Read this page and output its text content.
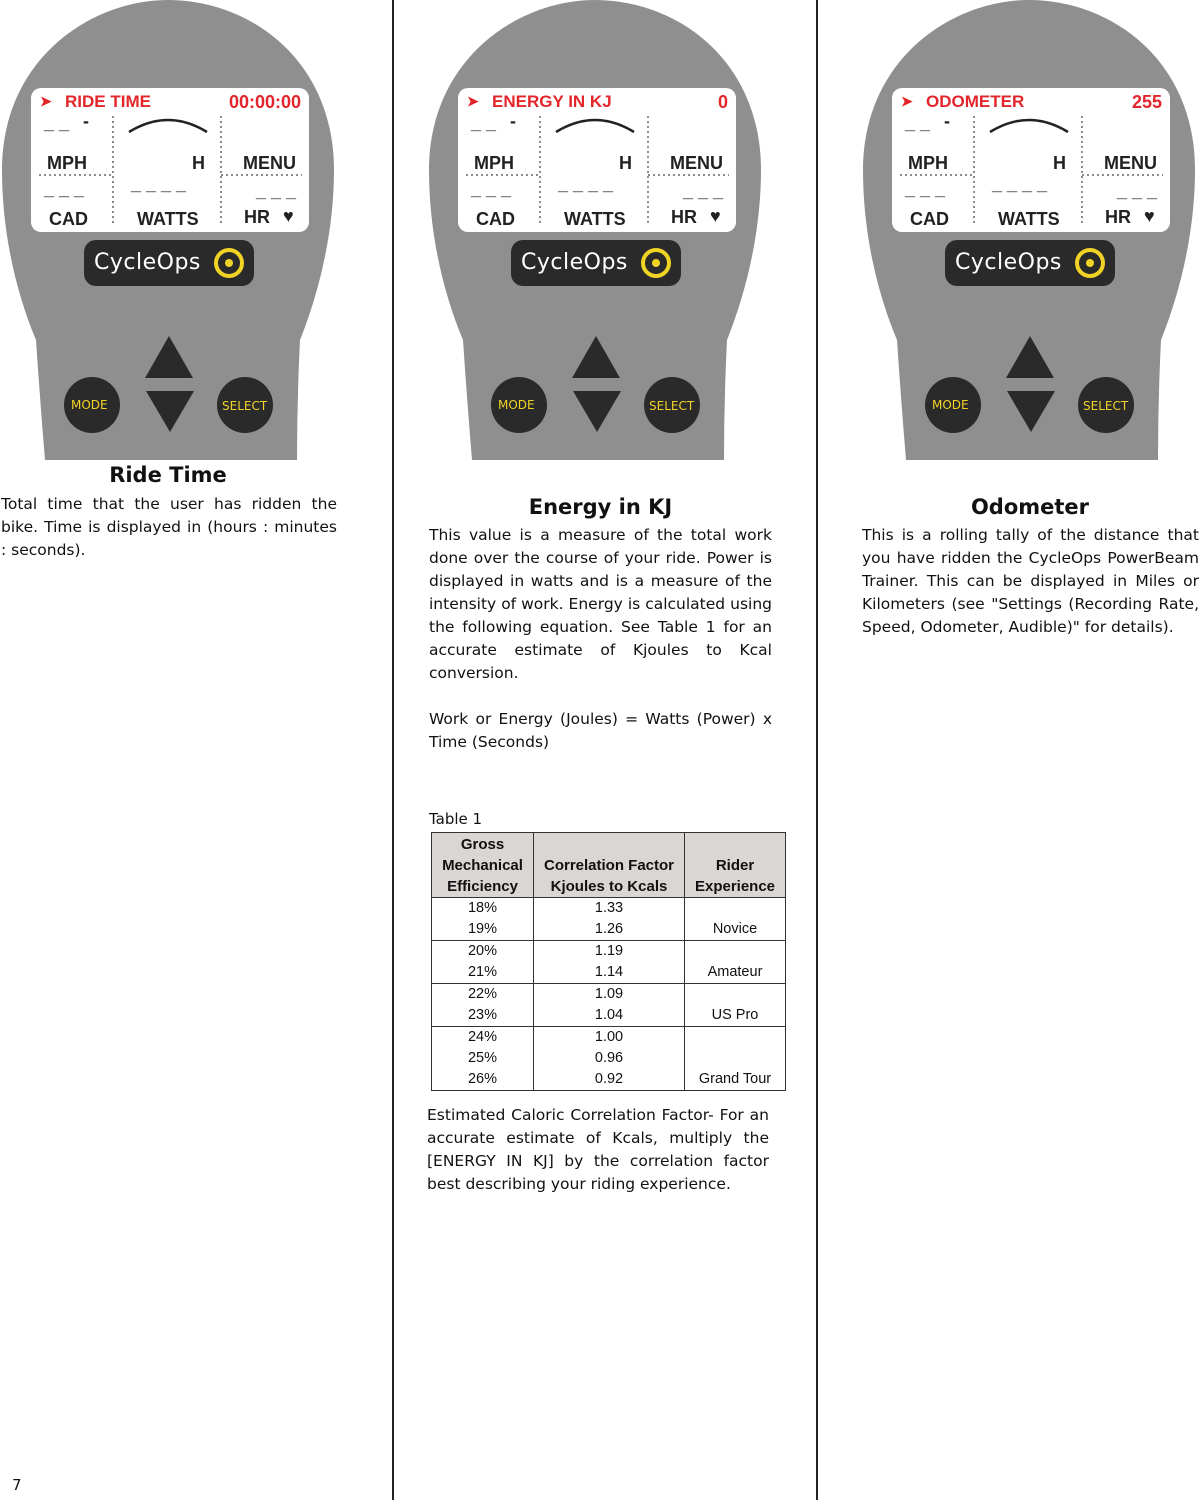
➤ RIDE TIME	00:00:00
_ _ -
MPH	H MENU
_ _ _	_ _ _ _	_ _ _
CAD	WATTS	HR ♥
CycleOps
MODE	SELECT
➤ ENERGY IN KJ	0
_ _ -
MPH	H MENU
_ _ _	_ _ _ _	_ _ _
CAD	WATTS	HR ♥
CycleOps
MODE	SELECT
➤ ODOMETER	255
_ _ -
MPH	H MENU
_ _ _	_ _ _ _	_ _ _
CAD	WATTS	HR ♥
CycleOps
MODE	SELECT
Ride Time

Total time that the user has ridden the bike. Time is displayed in (hours : minutes : seconds).

Energy in KJ

This value is a measure of the total work done over the course of your ride. Power is displayed in watts and is a measure of the intensity of work. Energy is calculated using the following equation. See Table 1 for an accurate estimate of Kjoules to Kcal conversion.

Work or Energy (Joules) = Watts (Power) x Time (Seconds)

Table 1
Gross Mechanical Efficiency	Correlation Factor Kjoules to Kcals	Rider Experience
18%	1.33	Novice
19%	1.26	
20%	1.19	Amateur
21%	1.14	
22%	1.09	US Pro
23%	1.04	
24%	1.00	Grand Tour
25%	0.96	
26%	0.92	
Estimated Caloric Correlation Factor- For an accurate estimate of Kcals, multiply the [ENERGY IN KJ] by the correlation factor best describing your riding experience.
Odometer

This is a rolling tally of the distance that you have ridden the CycleOps PowerBeam Trainer. This can be displayed in Miles or Kilometers (see "Settings (Recording Rate, Speed, Odometer, Audible)" for details).

7
